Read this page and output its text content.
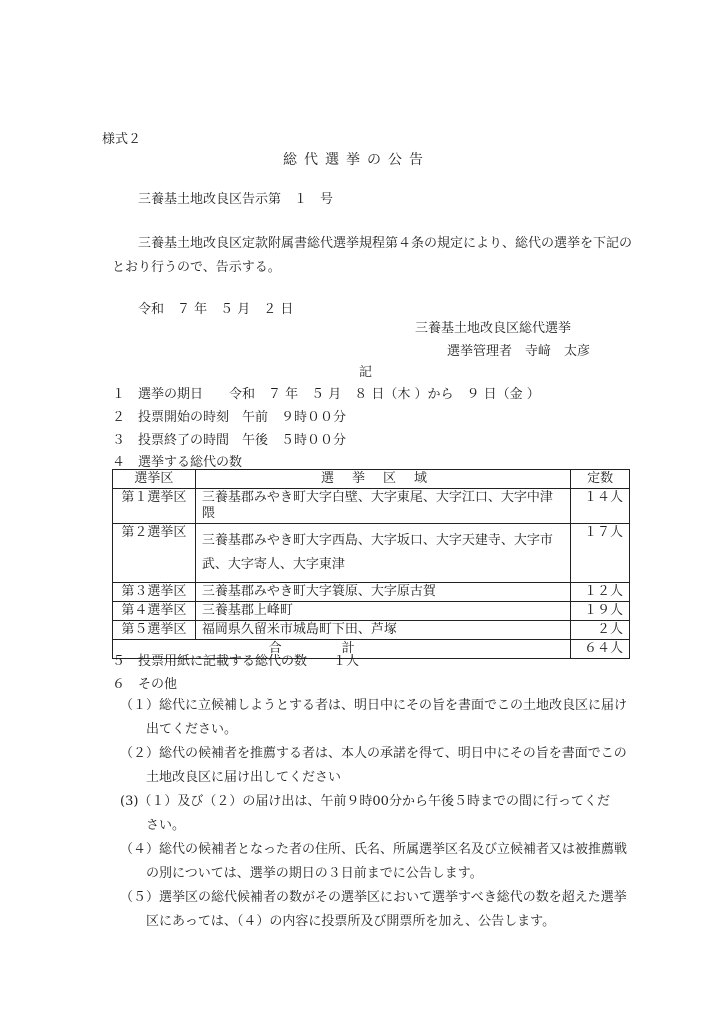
様式２
総代選挙の公告
三養基土地改良区告示第　１　号
三養基土地改良区定款附属書総代選挙規程第４条の規定により、総代の選挙を下記の
とおり行うので、告示する。
令和　７ 年　５ 月　２ 日
三養基土地改良区総代選挙
選挙管理者　寺﨑　太彦
記
１　選挙の期日　　令和　７ 年　５ 月　８ 日（木 ）から　９ 日（金 ）
２　投票開始の時刻　午前　９時００分
３　投票終了の時間　午後　５時００分
４　選挙する総代の数
選挙区	選挙区域	定数
第１選挙区	三養基郡みやき町大字白壁、大字東尾、大字江口、大字中津隈	１４人
第２選挙区	三養基郡みやき町大字西島、大字坂口、大字天建寺、大字市武、大字寄人、大字東津	１７人
第３選挙区	三養基郡みやき町大字簑原、大字原古賀	１２人
第４選挙区	三養基郡上峰町	１９人
第５選挙区	福岡県久留米市城島町下田、芦塚	２人
合計		６４人
５　投票用紙に記載する総代の数　　１人
６　その他
（１）総代に立候補しようとする者は、明日中にその旨を書面でこの土地改良区に届け
出てください。
（２）総代の候補者を推薦する者は、本人の承諾を得て、明日中にその旨を書面でこの
土地改良区に届け出してください
(3)（１）及び（２）の届け出は、午前９時00分から午後５時までの間に行ってくだ
さい。
（４）総代の候補者となった者の住所、氏名、所属選挙区名及び立候補者又は被推薦戦
の別については、選挙の期日の３日前までに公告します。
（５）選挙区の総代候補者の数がその選挙区において選挙すべき総代の数を超えた選挙
区にあっては、（４）の内容に投票所及び開票所を加え、公告します。
